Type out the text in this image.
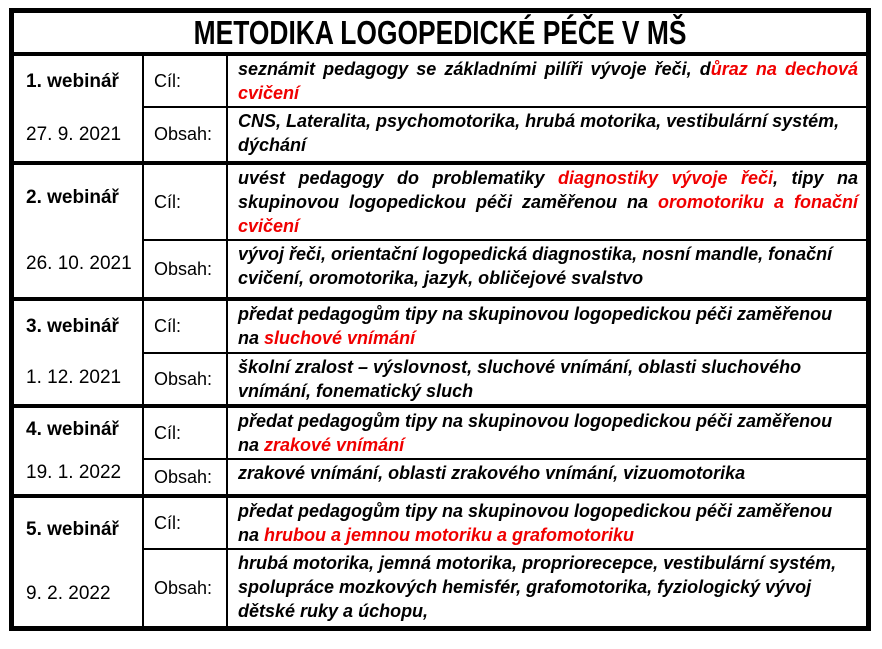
METODIKA LOGOPEDICKÉ PÉČE V MŠ
1. webinář
27. 9. 2021
Cíl:
seznámit pedagogy se základními pilíři vývoje řeči, důraz na dechová cvičení
Obsah:
CNS, Lateralita, psychomotorika, hrubá motorika, vestibulární systém, dýchání
2. webinář
26. 10. 2021
Cíl:
uvést pedagogy do problematiky diagnostiky vývoje řeči, tipy na skupinovou logopedickou péči zaměřenou na oromotoriku a fonační cvičení
Obsah:
vývoj řeči, orientační logopedická diagnostika, nosní mandle, fonační cvičení, oromotorika, jazyk, obličejové svalstvo
3. webinář
1. 12. 2021
Cíl:
předat pedagogům tipy na skupinovou logopedickou péči zaměřenou na sluchové vnímání
Obsah:
školní zralost – výslovnost, sluchové vnímání, oblasti sluchového vnímání, fonematický sluch
4. webinář
19. 1. 2022
Cíl:
předat pedagogům tipy na skupinovou logopedickou péči zaměřenou na zrakové vnímání
Obsah:	zrakové vnímání, oblasti zrakového vnímání, vizuomotorika
5. webinář
9. 2. 2022
Cíl:
předat pedagogům tipy na skupinovou logopedickou péči zaměřenou na hrubou a jemnou motoriku a grafomotoriku
Obsah:
hrubá motorika, jemná motorika, propriorecepce, vestibulární systém, spolupráce mozkových hemisfér, grafomotorika, fyziologický vývoj dětské ruky a úchopu,
